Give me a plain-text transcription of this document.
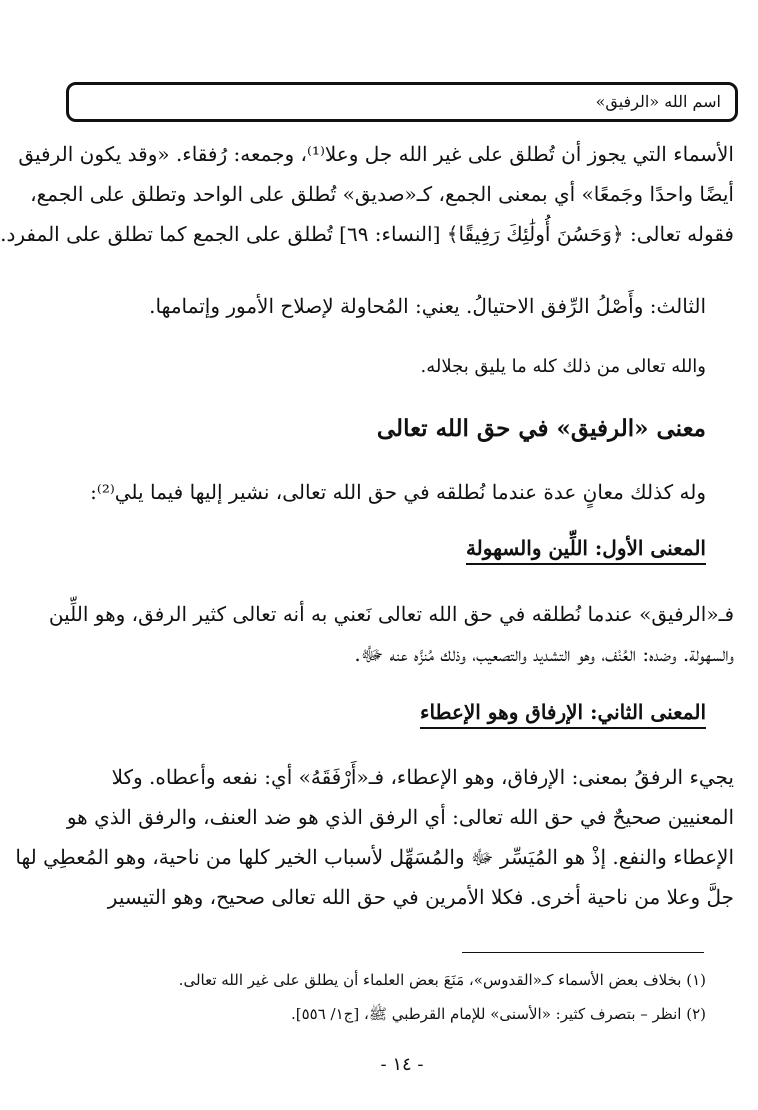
اسم الله «الرفيق»
الأسماء التي يجوز أن تُطلق على غير الله جل وعلا⁽¹⁾، وجمعه: رُفقاء. «وقد يكون الرفيق
أيضًا واحدًا وجَمعًا» أي بمعنى الجمع، كـ«صديق» تُطلق على الواحد وتطلق على الجمع،
فقوله تعالى: ﴿وَحَسُنَ أُولَٰئِكَ رَفِيقًا﴾ [النساء: ٦٩] تُطلق على الجمع كما تطلق على المفرد.
الثالث: وأَصْلُ الرِّفق الاحتيالُ. يعني: المُحاولة لإصلاح الأمور وإتمامها.
والله تعالى من ذلك كله ما يليق بجلاله.
معنى «الرفيق» في حق الله تعالى
وله كذلك معانٍ عدة عندما نُطلقه في حق الله تعالى، نشير إليها فيما يلي⁽²⁾:
المعنى الأول: اللِّين والسهولة
فـ«الرفيق» عندما نُطلقه في حق الله تعالى نَعني به أنه تعالى كثير الرفق، وهو اللِّين
والسهولة. وضده: العُنْف، وهو التشديد والتصعيب، وذلك مُنزَّه عنه ﷻ.
المعنى الثاني: الإرفاق وهو الإعطاء
يجيء الرفقُ بمعنى: الإرفاق، وهو الإعطاء، فـ«أَرْفَقَهُ» أي: نفعه وأعطاه. وكلا
المعنيين صحيحٌ في حق الله تعالى: أي الرفق الذي هو ضد العنف، والرفق الذي هو
الإعطاء والنفع. إذْ هو المُيَسِّر ﷻ والمُسَهِّل لأسباب الخير كلها من ناحية، وهو المُعطِي لها
جلَّ وعلا من ناحية أخرى. فكلا الأمرين في حق الله تعالى صحيح، وهو التيسير
(١) بخلاف بعض الأسماء كـ«القدوس»، مَنَعَ بعض العلماء أن يطلق على غير الله تعالى.
(٢) انظر – بتصرف كثير: «الأسنى» للإمام القرطبي ﷺ، [ج١/ ٥٥٦].
- ١٤ -
